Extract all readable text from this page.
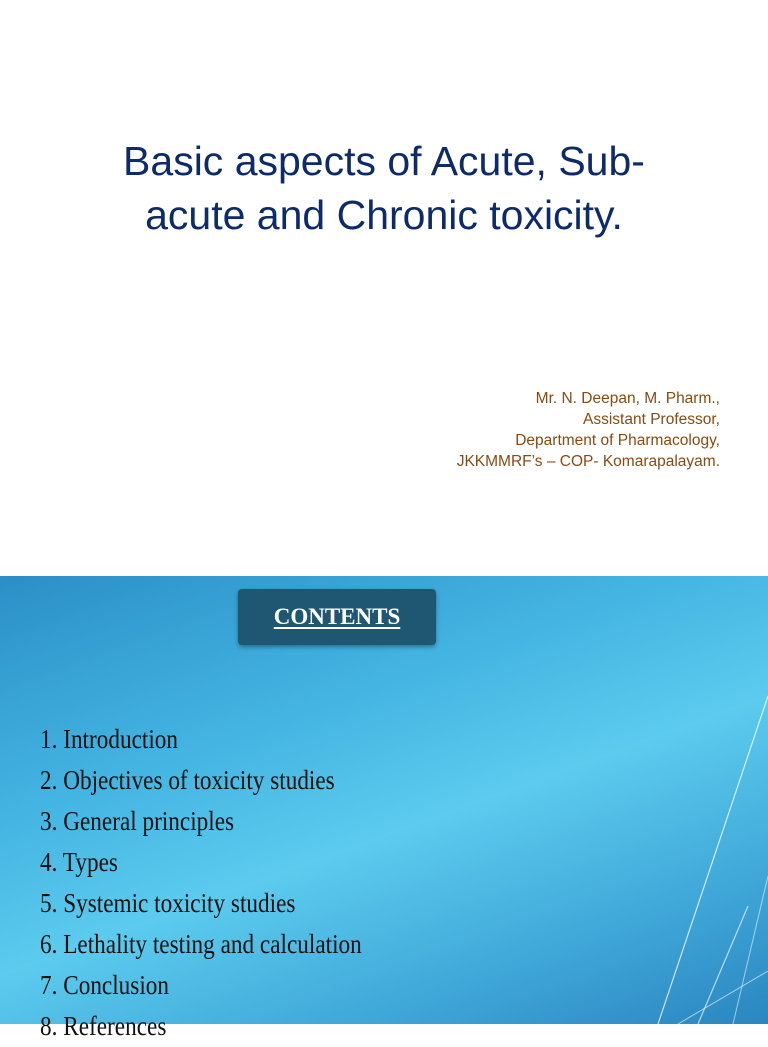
Basic aspects of Acute, Sub-
acute and Chronic toxicity.
Mr. N. Deepan, M. Pharm.,
Assistant Professor,
Department of Pharmacology,
JKKMMRF’s – COP- Komarapalayam.
CONTENTS
1. Introduction
2. Objectives of toxicity studies
3. General principles
4. Types
5. Systemic toxicity studies
6. Lethality testing and calculation
7. Conclusion
8. References
